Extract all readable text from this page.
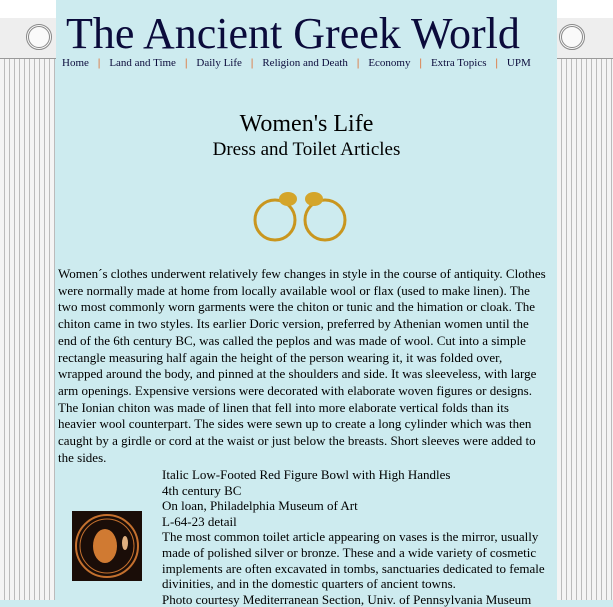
The Ancient Greek World
Home | Land and Time | Daily Life | Religion and Death | Economy | Extra Topics | UPM
Women's Life
Dress and Toilet Articles
Women´s clothes underwent relatively few changes in style in the course of antiquity. Clothes were normally made at home from locally available wool or flax (used to make linen). The two most commonly worn garments were the chiton or tunic and the himation or cloak. The chiton came in two styles. Its earlier Doric version, preferred by Athenian women until the end of the 6th century BC, was called the peplos and was made of wool. Cut into a simple rectangle measuring half again the height of the person wearing it, it was folded over, wrapped around the body, and pinned at the shoulders and side. It was sleeveless, with large arm openings. Expensive versions were decorated with elaborate woven figures or designs. The Ionian chiton was made of linen that fell into more elaborate vertical folds than its heavier wool counterpart. The sides were sewn up to create a long cylinder which was then caught by a girdle or cord at the waist or just below the breasts. Short sleeves were added to the sides.
Italic Low-Footed Red Figure Bowl with High Handles
4th century BC
On loan, Philadelphia Museum of Art
L-64-23 detail
The most common toilet article appearing on vases is the mirror, usually made of polished silver or bronze. These and a wide variety of cosmetic implements are often excavated in tombs, sanctuaries dedicated to female divinities, and in the domestic quarters of ancient towns.
Photo courtesy Mediterranean Section, Univ. of Pennsylvania Museum
